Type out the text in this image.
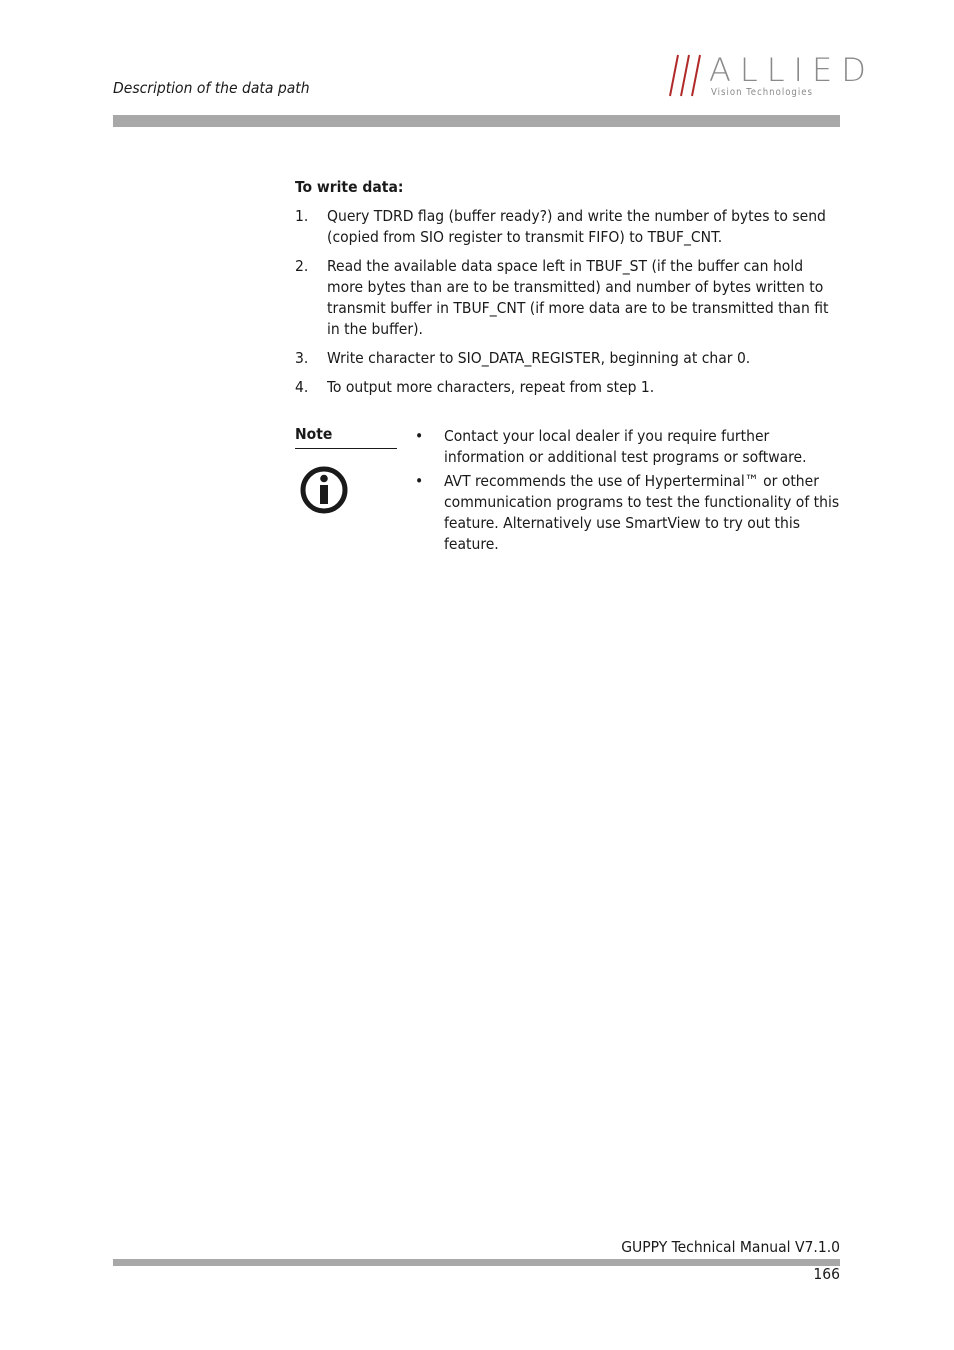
Description of the data path	ALLIED
Vision Technologies
To write data:
1. Query TDRD flag (buffer ready?) and write the number of bytes to send (copied from SIO register to transmit FIFO) to TBUF_CNT.
2. Read the available data space left in TBUF_ST (if the buffer can hold more bytes than are to be transmitted) and number of bytes written to transmit buffer in TBUF_CNT (if more data are to be transmitted than fit in the buffer).
3. Write character to SIO_DATA_REGISTER, beginning at char 0.
4. To output more characters, repeat from step 1.
Note	• Contact your local dealer if you require further information or additional test programs or software.
• AVT recommends the use of Hyperterminal™ or other communication programs to test the functionality of this feature. Alternatively use SmartView to try out this feature.
GUPPY Technical Manual V7.1.0
166
